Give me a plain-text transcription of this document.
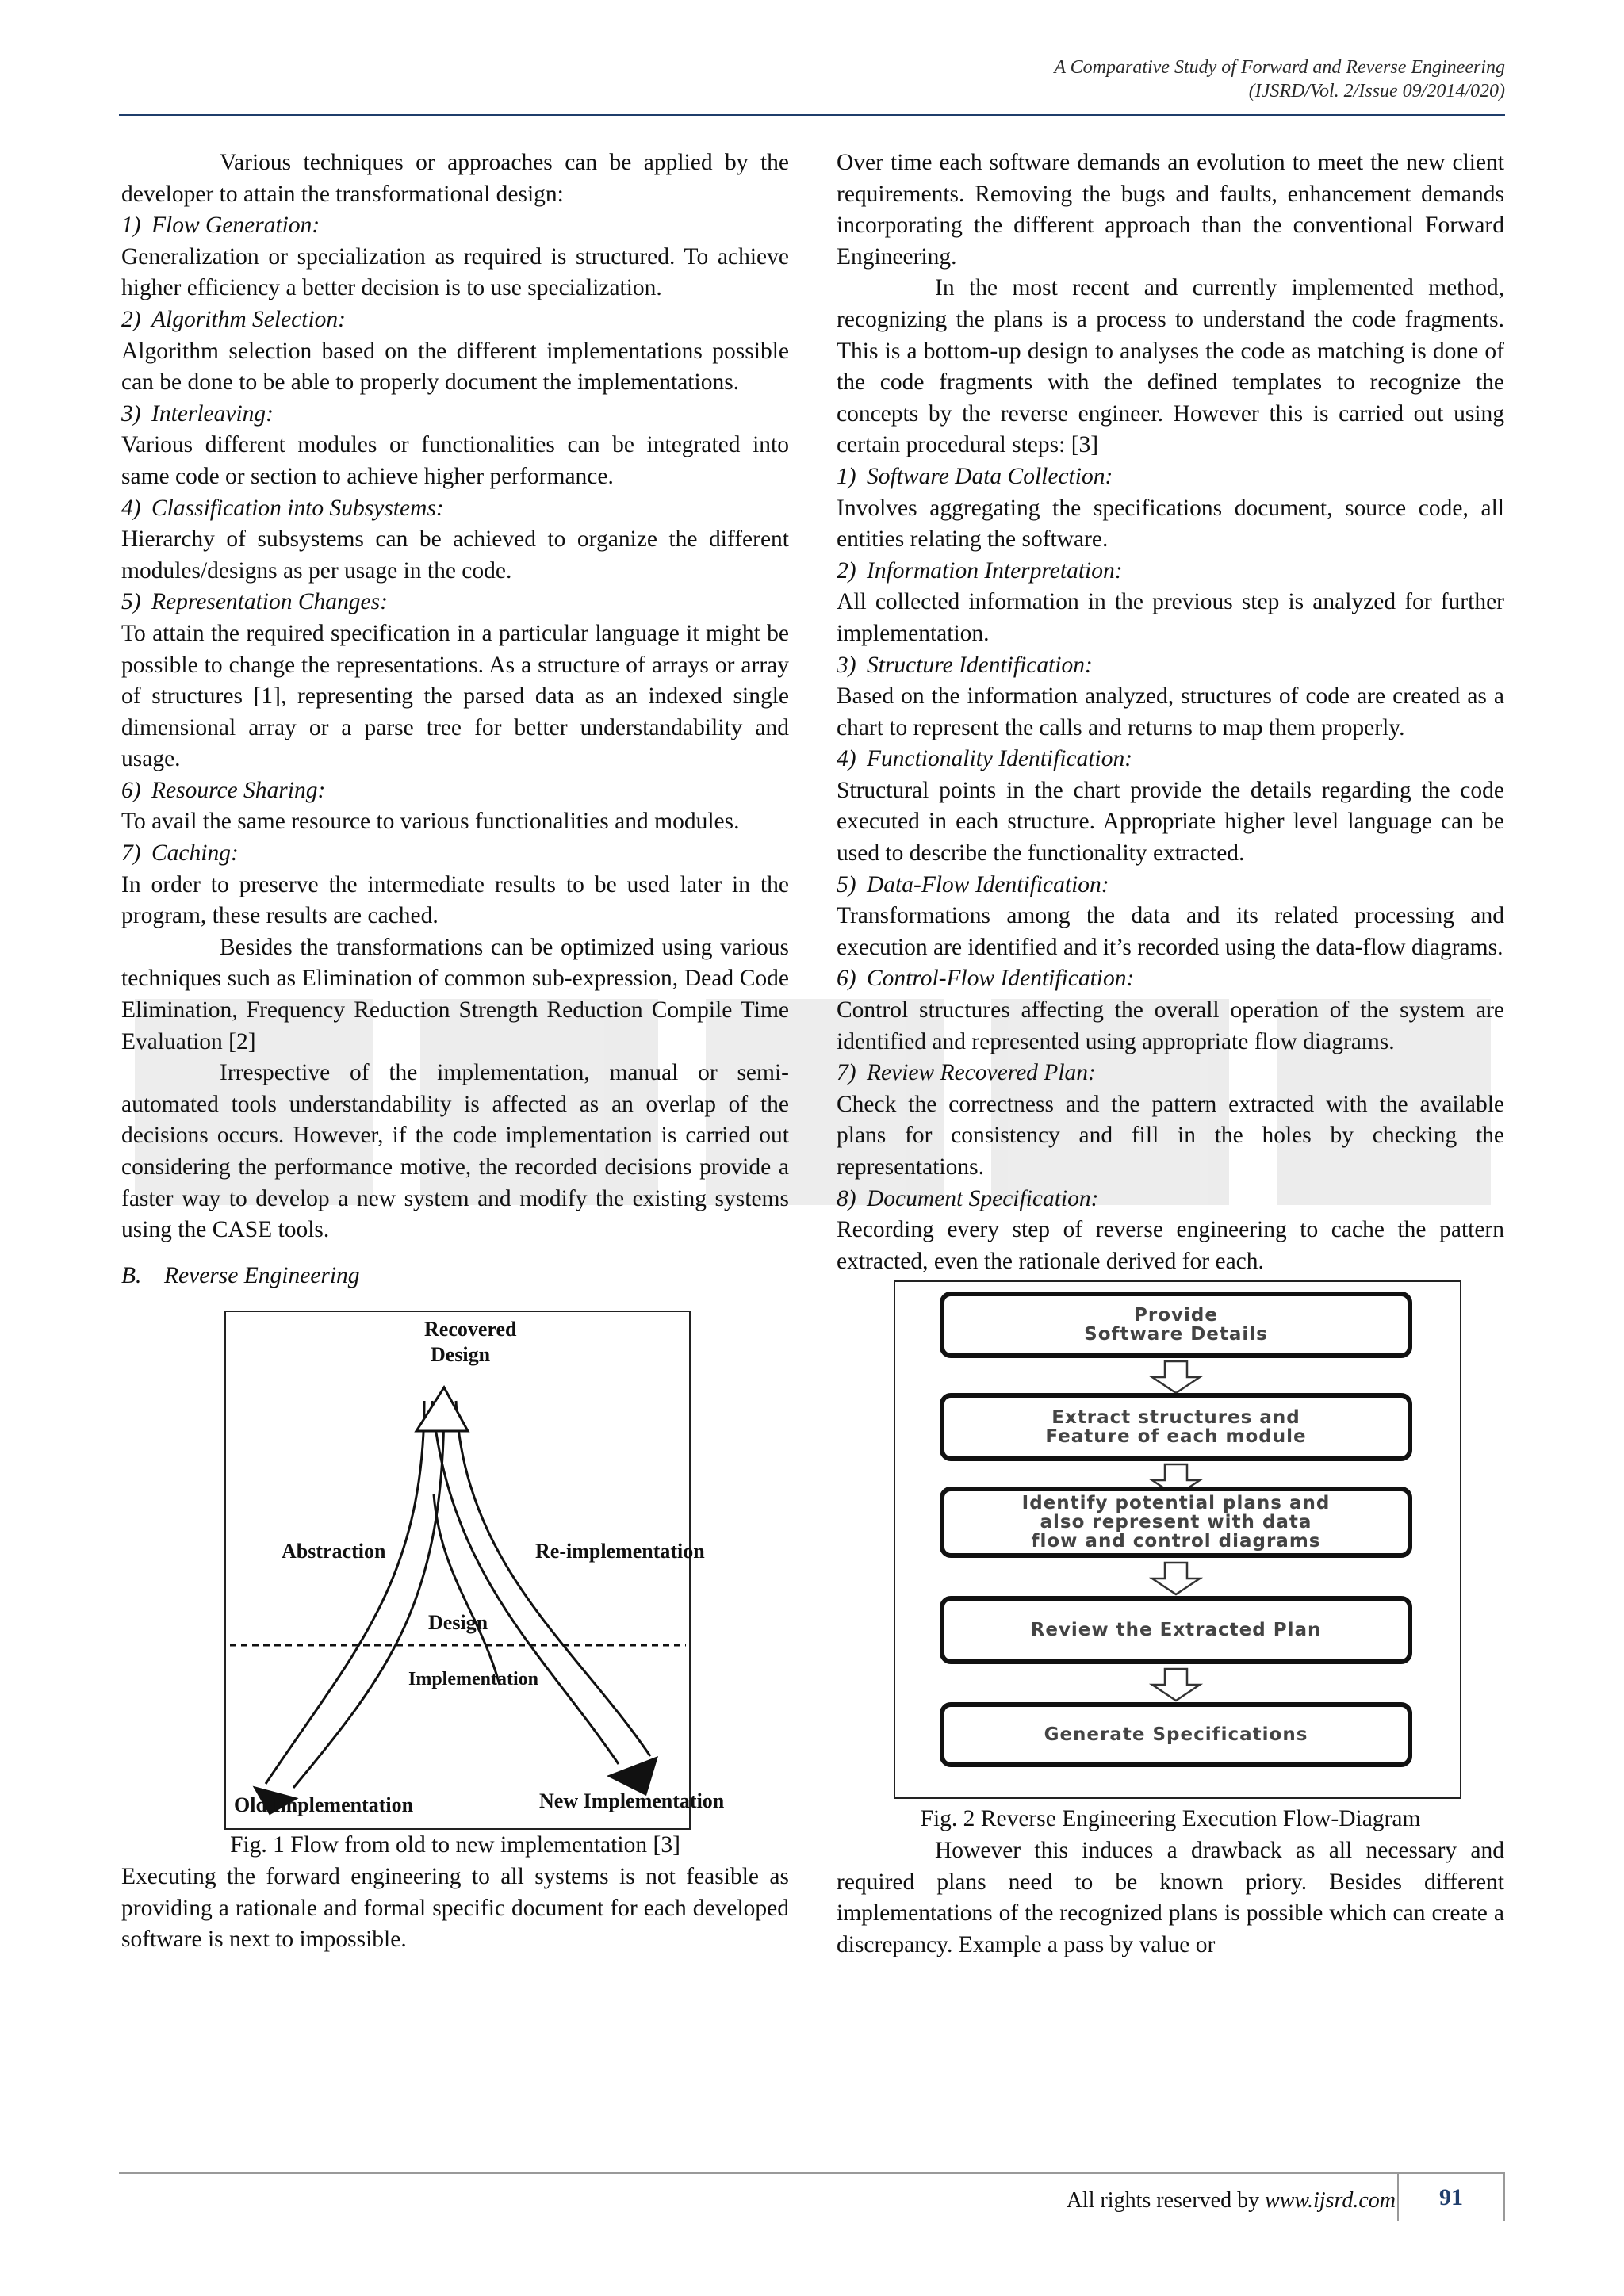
A Comparative Study of Forward and Reverse Engineering
(IJSRD/Vol. 2/Issue 09/2014/020)

Various techniques or approaches can be applied by the developer to attain the transformational design:

1) Flow Generation:

Generalization or specialization as required is structured. To achieve higher efficiency a better decision is to use specialization.

2) Algorithm Selection:

Algorithm selection based on the different implementations possible can be done to be able to properly document the implementations.

3) Interleaving:

Various different modules or functionalities can be integrated into same code or section to achieve higher performance.

4) Classification into Subsystems:

Hierarchy of subsystems can be achieved to organize the different modules/designs as per usage in the code.

5) Representation Changes:

To attain the required specification in a particular language it might be possible to change the representations. As a structure of arrays or array of structures [1], representing the parsed data as an indexed single dimensional array or a parse tree for better understandability and usage.

6) Resource Sharing:

To avail the same resource to various functionalities and modules.

7) Caching:

In order to preserve the intermediate results to be used later in the program, these results are cached.

Besides the transformations can be optimized using various techniques such as Elimination of common sub-expression, Dead Code Elimination, Frequency Reduction Strength Reduction Compile Time Evaluation [2]

Irrespective of the implementation, manual or semi-automated tools understandability is affected as an overlap of the decisions occurs. However, if the code implementation is carried out considering the performance motive, the recorded decisions provide a faster way to develop a new system and modify the existing systems using the CASE tools.

B. Reverse Engineering

Recovered
Design
Abstraction	Re-implementation
Design
Implementation
Old Implementation	New Implementation

Fig. 1 Flow from old to new implementation [3]

Executing the forward engineering to all systems is not feasible as providing a rationale and formal specific document for each developed software is next to impossible.

Over time each software demands an evolution to meet the new client requirements. Removing the bugs and faults, enhancement demands incorporating the different approach than the conventional Forward Engineering.

In the most recent and currently implemented method, recognizing the plans is a process to understand the code fragments. This is a bottom-up design to analyses the code as matching is done of the code fragments with the defined templates to recognize the concepts by the reverse engineer. However this is carried out using certain procedural steps: [3]

1) Software Data Collection:

Involves aggregating the specifications document, source code, all entities relating the software.

2) Information Interpretation:

All collected information in the previous step is analyzed for further implementation.

3) Structure Identification:

Based on the information analyzed, structures of code are created as a chart to represent the calls and returns to map them properly.

4) Functionality Identification:

Structural points in the chart provide the details regarding the code executed in each structure. Appropriate higher level language can be used to describe the functionality extracted.

5) Data-Flow Identification:

Transformations among the data and its related processing and execution are identified and it’s recorded using the data-flow diagrams.

6) Control-Flow Identification:

Control structures affecting the overall operation of the system are identified and represented using appropriate flow diagrams.

7) Review Recovered Plan:

Check the correctness and the pattern extracted with the available plans for consistency and fill in the holes by checking the representations.

8) Document Specification:

Recording every step of reverse engineering to cache the pattern extracted, even the rationale derived for each.

Provide
Software Details
Extract structures and
Feature of each module
Identify potential plans and
also represent with data
flow and control diagrams
Review the Extracted Plan
Generate Specifications

Fig. 2 Reverse Engineering Execution Flow-Diagram

However this induces a drawback as all necessary and required plans need to be known priory. Besides different implementations of the recognized plans is possible which can create a discrepancy. Example a pass by value or

All rights reserved by www.ijsrd.com	91
